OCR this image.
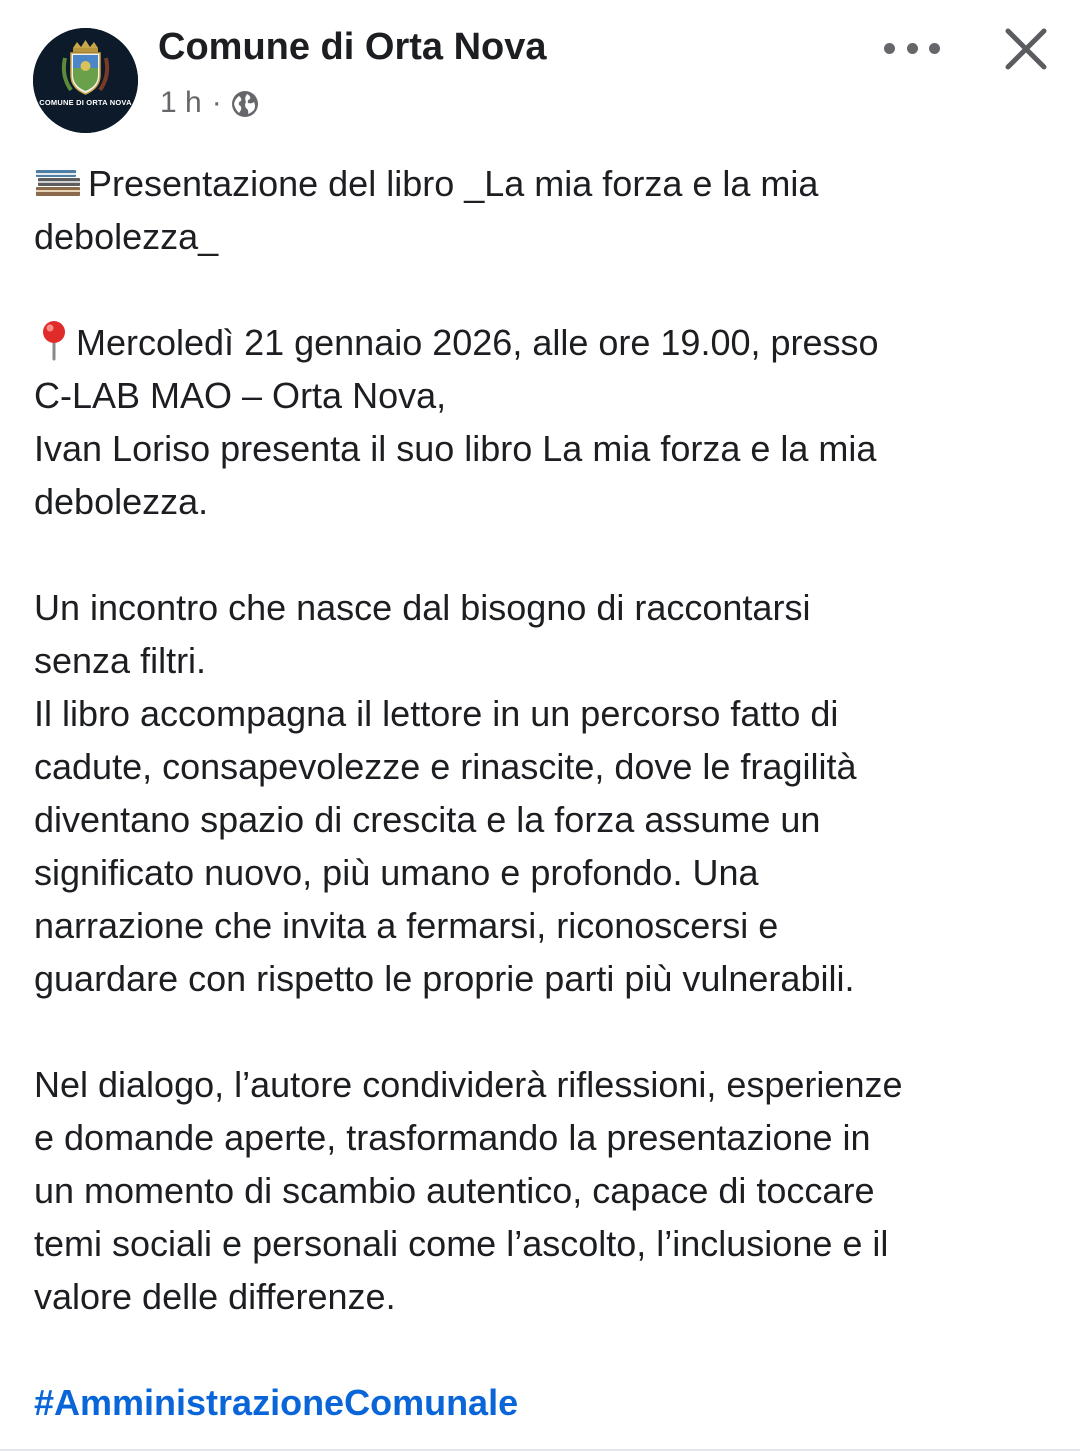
COMUNE DI ORTA NOVA
Comune di Orta Nova
1 h ·

Presentazione del libro _La mia forza e la mia

debolezza_

Mercoledì 21 gennaio 2026, alle ore 19.00, presso

C-LAB MAO – Orta Nova,

Ivan Loriso presenta il suo libro La mia forza e la mia

debolezza.

Un incontro che nasce dal bisogno di raccontarsi

senza filtri.

Il libro accompagna il lettore in un percorso fatto di

cadute, consapevolezze e rinascite, dove le fragilità

diventano spazio di crescita e la forza assume un

significato nuovo, più umano e profondo. Una

narrazione che invita a fermarsi, riconoscersi e

guardare con rispetto le proprie parti più vulnerabili.

Nel dialogo, l’autore condividerà riflessioni, esperienze

e domande aperte, trasformando la presentazione in

un momento di scambio autentico, capace di toccare

temi sociali e personali come l’ascolto, l’inclusione e il

valore delle differenze.

#AmministrazioneComunale
